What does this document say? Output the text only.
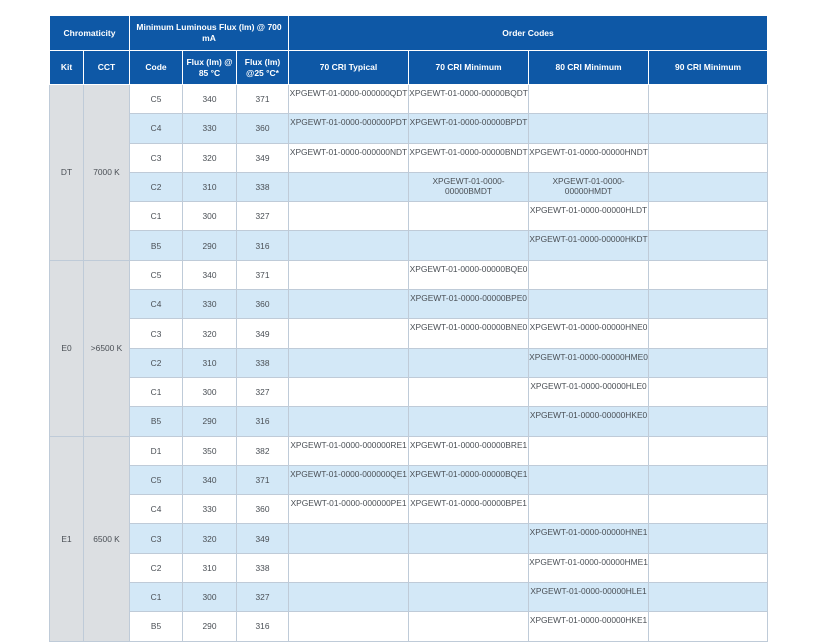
Chromaticity		Minimum Luminous Flux (lm) @ 700 mA			Order Codes			
Kit	CCT	Code	Flux (lm) @ 85 °C	Flux (lm) @25 °C*	70 CRI Typical	70 CRI Minimum	80 CRI Minimum	90 CRI Minimum
DT	7000 K	C5	340	371	XPGEWT-01-0000-000000QDT	XPGEWT-01-0000-00000BQDT		

		C4	330	360	XPGEWT-01-0000-000000PDT	XPGEWT-01-0000-00000BPDT		

		C3	320	349	XPGEWT-01-0000-000000NDT	XPGEWT-01-0000-00000BNDT	XPGEWT-01-0000-00000HNDT	

		C2	310	338		XPGEWT-01-0000-00000BMDT	XPGEWT-01-0000-00000HMDT	

		C1	300	327			XPGEWT-01-0000-00000HLDT	

		B5	290	316			XPGEWT-01-0000-00000HKDT	

E0	>6500 K	C5	340	371		XPGEWT-01-0000-00000BQE0		

		C4	330	360		XPGEWT-01-0000-00000BPE0		

		C3	320	349		XPGEWT-01-0000-00000BNE0	XPGEWT-01-0000-00000HNE0	

		C2	310	338			XPGEWT-01-0000-00000HME0	

		C1	300	327			XPGEWT-01-0000-00000HLE0	

		B5	290	316			XPGEWT-01-0000-00000HKE0	

E1	6500 K	D1	350	382	XPGEWT-01-0000-000000RE1	XPGEWT-01-0000-00000BRE1		

		C5	340	371	XPGEWT-01-0000-000000QE1	XPGEWT-01-0000-00000BQE1		

		C4	330	360	XPGEWT-01-0000-000000PE1	XPGEWT-01-0000-00000BPE1		

		C3	320	349			XPGEWT-01-0000-00000HNE1	

		C2	310	338			XPGEWT-01-0000-00000HME1	

		C1	300	327			XPGEWT-01-0000-00000HLE1	

		B5	290	316			XPGEWT-01-0000-00000HKE1	
